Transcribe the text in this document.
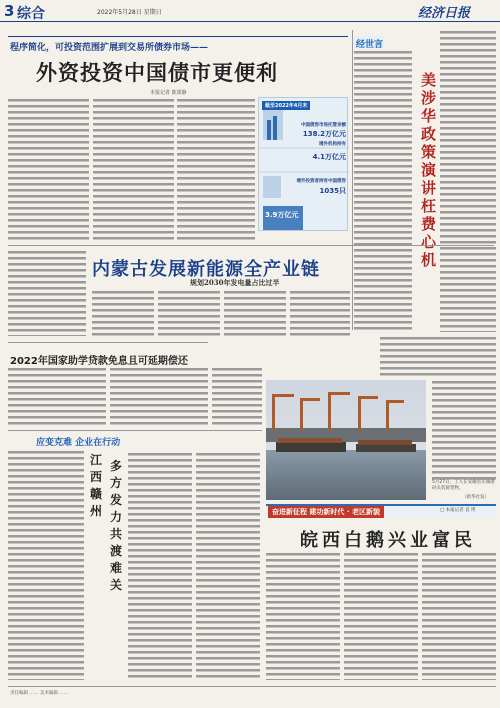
3 综合	2022年5月28日 星期日	经济日报
程序简化，可投资范围扩展到交易所债券市场——
外资投资中国债市更便利
本报记者 陈果静
中国债券市场托管余额
138.2万亿元
境外机构持有
4.1万亿元
境外投资者持有中国债券
1035只
3.9万亿元
截至2022年4月末
经世言
美涉华政策演讲枉费心机
内蒙古发展新能源全产业链
规划2030年发电量占比过半
2022年国家助学贷款免息且可延期偿还
5月27日，工人在安徽省芜湖港码头装卸货物。
（新华社发）
应变克难 企业在行动
江西赣州
多方发力共渡难关
奋进新征程 建功新时代 · 老区新貌	□ 本报记者 袁 瑛
皖西白鹅兴业富民
责任编辑 …… 美术编辑 ……
